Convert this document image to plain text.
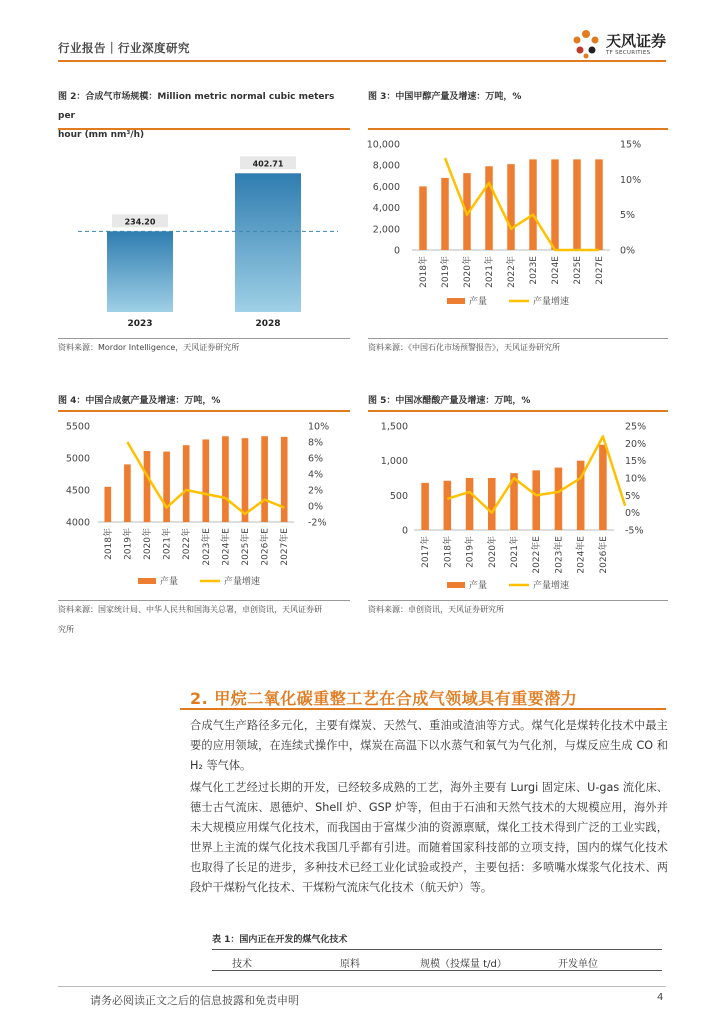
行业报告｜行业深度研究	天风证券
TF SECURITIES
图 2：合成气市场规模：Million metric normal cubic meters per
hour (mm nm³/h)
234.20
2023
402.71
2028
资料来源：Mordor Intelligence，天风证券研究所
图 3：中国甲醇产量及增速：万吨，%
0
2,000
4,000
6,000
8,000
10,000
0%
5%
10%
15%
2018年 2019年 2020年 2021年 2022年 2023E 2024E 2025E 2027E
产量	产量增速
资料来源：《中国石化市场预警报告》，天风证券研究所
图 4：中国合成氨产量及增速：万吨，%
4000
4500
5000
5500
-2%
0%
2%
4%
6%
8%
10%
2018年 2019年 2020年 2021年 2022年 2023年E 2024年E 2025年E 2026年E 2027年E
产量	产量增速
资料来源：国家统计局、中华人民共和国海关总署，卓创资讯，天风证券研
究所
图 5：中国冰醋酸产量及增速：万吨，%
0
500
1,000
1,500
-5%
0%
5%
10%
15%
20%
25%
2017年 2018年 2019年 2020年 2021年 2022年E 2023年E 2024年E 2026年E
产量	产量增速
资料来源：卓创资讯，天风证券研究所
2. 甲烷二氧化碳重整工艺在合成气领域具有重要潜力

合成气生产路径多元化，主要有煤炭、天然气、重油或渣油等方式。煤气化是煤转化技术中最主要的应用领域，在连续式操作中，煤炭在高温下以水蒸气和氧气为气化剂，与煤反应生成 CO 和 H₂ 等气体。

煤气化工艺经过长期的开发，已经较多成熟的工艺，海外主要有 Lurgi 固定床、U-gas 流化床、德士古气流床、恩德炉、Shell 炉、GSP 炉等，但由于石油和天然气技术的大规模应用，海外并未大规模应用煤气化技术，而我国由于富煤少油的资源禀赋，煤化工技术得到广泛的工业实践，世界上主流的煤气化技术我国几乎都有引进。而随着国家科技部的立项支持，国内的煤气化技术也取得了长足的进步，多种技术已经工业化试验或投产，主要包括：多喷嘴水煤浆气化技术、两段炉干煤粉气化技术、干煤粉气流床气化技术（航天炉）等。

表 1：国内正在开发的煤气化技术
技术	原料	规模（投煤量 t/d）	开发单位
请务必阅读正文之后的信息披露和免责申明	4
